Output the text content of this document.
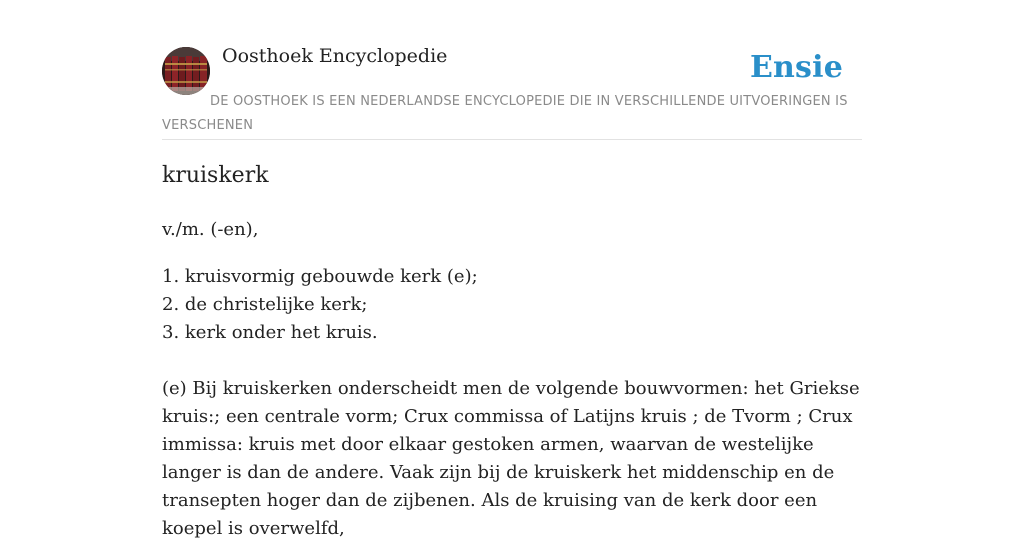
Oosthoek Encyclopedie	Ensie
DE OOSTHOEK IS EEN NEDERLANDSE ENCYCLOPEDIE DIE IN VERSCHILLENDE UITVOERINGEN IS VERSCHENEN
kruiskerk

v./m. (-en),

1. kruisvormig gebouwde kerk (e);
2. de christelijke kerk;
3. kerk onder het kruis.

(e) Bij kruiskerken onderscheidt men de volgende bouwvormen: het Griekse kruis:; een centrale vorm; Crux commissa of Latijns kruis ; de Tvorm ; Crux immissa: kruis met door elkaar gestoken armen, waarvan de westelijke langer is dan de andere. Vaak zijn bij de kruiskerk het middenschip en de transepten hoger dan de zijbenen. Als de kruising van de kerk door een koepel is overwelfd,
